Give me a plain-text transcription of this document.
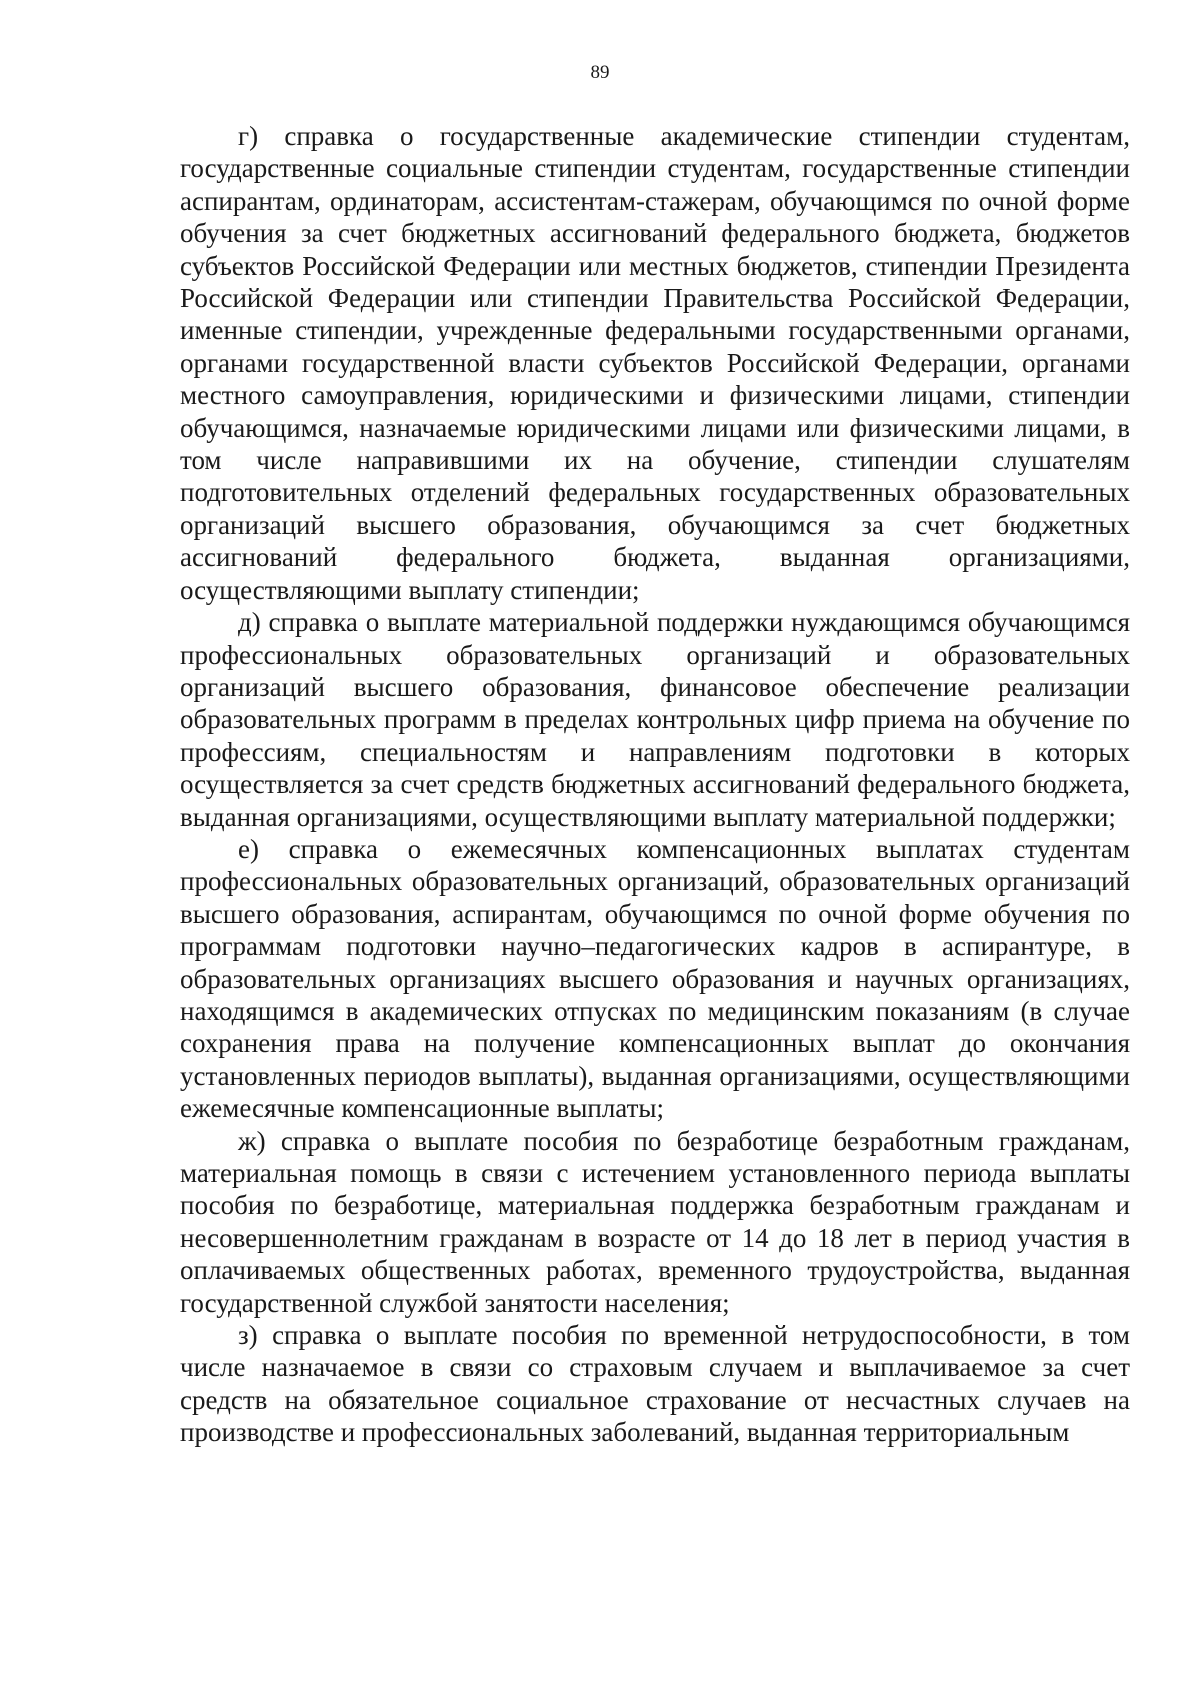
89

г) справка о государственные академические стипендии студентам, государственные социальные стипендии студентам, государственные стипендии аспирантам, ординаторам, ассистентам-стажерам, обучающимся по очной форме обучения за счет бюджетных ассигнований федерального бюджета, бюджетов субъектов Российской Федерации или местных бюджетов, стипендии Президента Российской Федерации или стипендии Правительства Российской Федерации, именные стипендии, учрежденные федеральными государственными органами, органами государственной власти субъектов Российской Федерации, органами местного самоуправления, юридическими и физическими лицами, стипендии обучающимся, назначаемые юридическими лицами или физическими лицами, в том числе направившими их на обучение, стипендии слушателям подготовительных отделений федеральных государственных образовательных организаций высшего образования, обучающимся за счет бюджетных ассигнований федерального бюджета, выданная организациями, осуществляющими выплату стипендии;

д) справка о выплате материальной поддержки нуждающимся обучающимся профессиональных образовательных организаций и образовательных организаций высшего образования, финансовое обеспечение реализации образовательных программ в пределах контрольных цифр приема на обучение по профессиям, специальностям и направлениям подготовки в которых осуществляется за счет средств бюджетных ассигнований федерального бюджета, выданная организациями, осуществляющими выплату материальной поддержки;

е) справка о ежемесячных компенсационных выплатах студентам профессиональных образовательных организаций, образовательных организаций высшего образования, аспирантам, обучающимся по очной форме обучения по программам подготовки научно–педагогических кадров в аспирантуре, в образовательных организациях высшего образования и научных организациях, находящимся в академических отпусках по медицинским показаниям (в случае сохранения права на получение компенсационных выплат до окончания установленных периодов выплаты), выданная организациями, осуществляющими ежемесячные компенсационные выплаты;

ж) справка о выплате пособия по безработице безработным гражданам, материальная помощь в связи с истечением установленного периода выплаты пособия по безработице, материальная поддержка безработным гражданам и несовершеннолетним гражданам в возрасте от 14 до 18 лет в период участия в оплачиваемых общественных работах, временного трудоустройства, выданная государственной службой занятости населения;

з) справка о выплате пособия по временной нетрудоспособности, в том числе назначаемое в связи со страховым случаем и выплачиваемое за счет средств на обязательное социальное страхование от несчастных случаев на производстве и профессиональных заболеваний, выданная территориальным
